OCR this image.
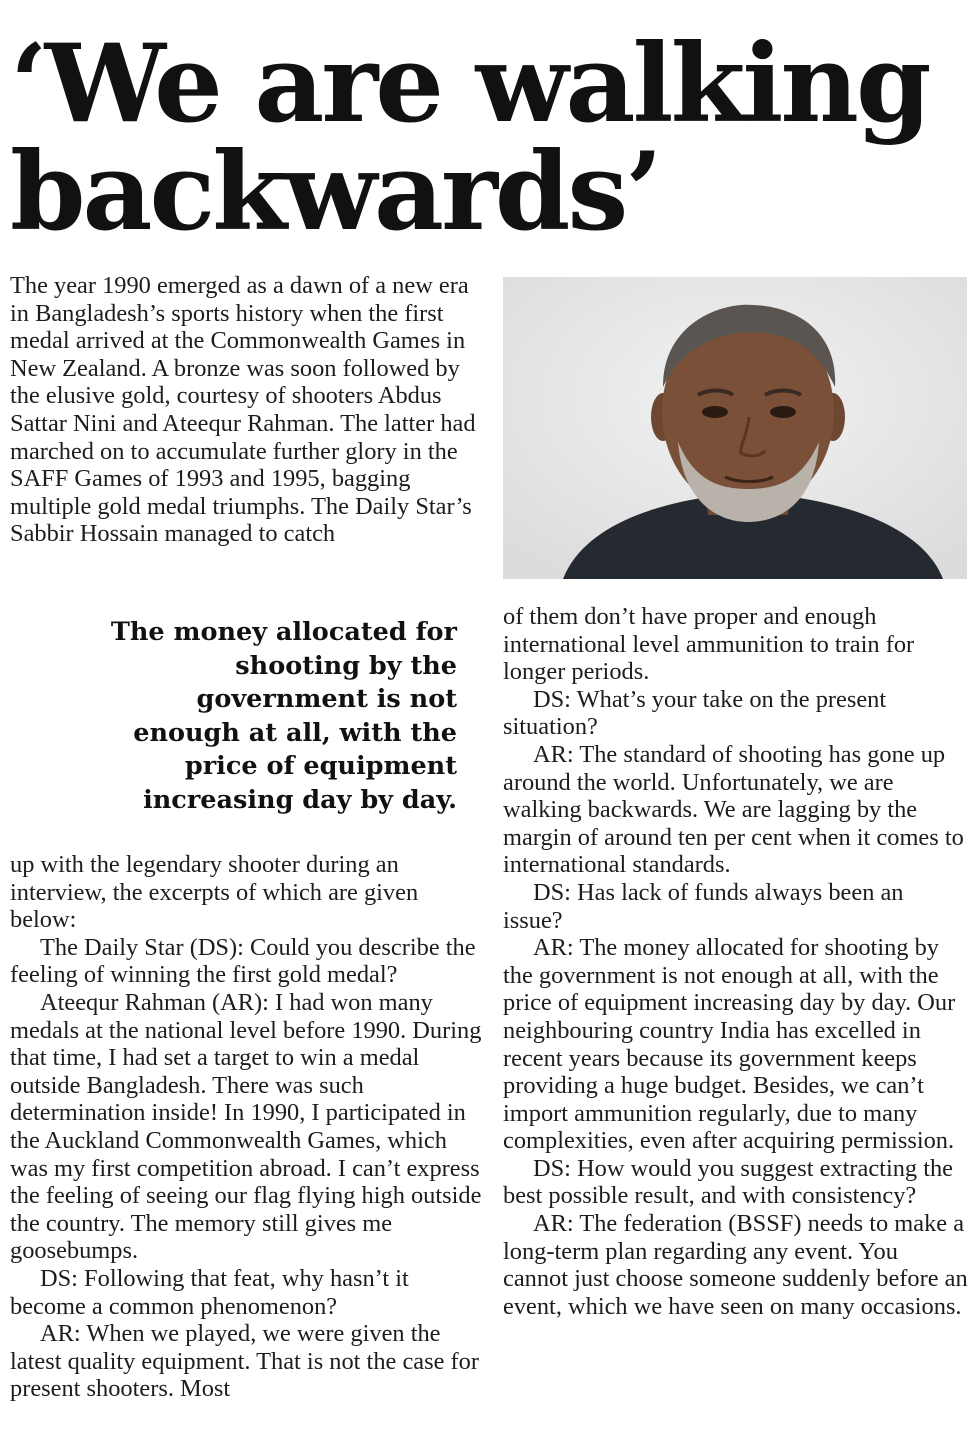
‘We are walking
backwards’

The year 1990 emerged as a dawn of a new era in Bangladesh’s sports history when the first medal arrived at the Commonwealth Games in New Zealand. A bronze was soon followed by the elusive gold, courtesy of shooters Abdus Sattar Nini and Ateequr Rahman. The latter had marched on to accumulate further glory in the SAFF Games of 1993 and 1995, bagging multiple gold medal triumphs. The Daily Star’s Sabbir Hossain managed to catch

The money allocated for shooting by the government is not enough at all, with the price of equipment increasing day by day.

up with the legendary shooter during an interview, the excerpts of which are given below:

The Daily Star (DS): Could you describe the feeling of winning the first gold medal?

Ateequr Rahman (AR): I had won many medals at the national level before 1990. During that time, I had set a target to win a medal outside Bangladesh. There was such determination inside! In 1990, I participated in the Auckland Commonwealth Games, which was my first competition abroad. I can’t express the feeling of seeing our flag flying high outside the country. The memory still gives me goosebumps.

DS: Following that feat, why hasn’t it become a common phenomenon?

AR: When we played, we were given the latest quality equipment. That is not the case for present shooters. Most

of them don’t have proper and enough international level ammunition to train for longer periods.

DS: What’s your take on the present situation?

AR: The standard of shooting has gone up around the world. Unfortunately, we are walking backwards. We are lagging by the margin of around ten per cent when it comes to international standards.

DS: Has lack of funds always been an issue?

AR: The money allocated for shooting by the government is not enough at all, with the price of equipment increasing day by day. Our neighbouring country India has excelled in recent years because its government keeps providing a huge budget. Besides, we can’t import ammunition regularly, due to many complexities, even after acquiring permission.

DS: How would you suggest extracting the best possible result, and with consistency?

AR: The federation (BSSF) needs to make a long-term plan regarding any event. You cannot just choose someone suddenly before an event, which we have seen on many occasions.
